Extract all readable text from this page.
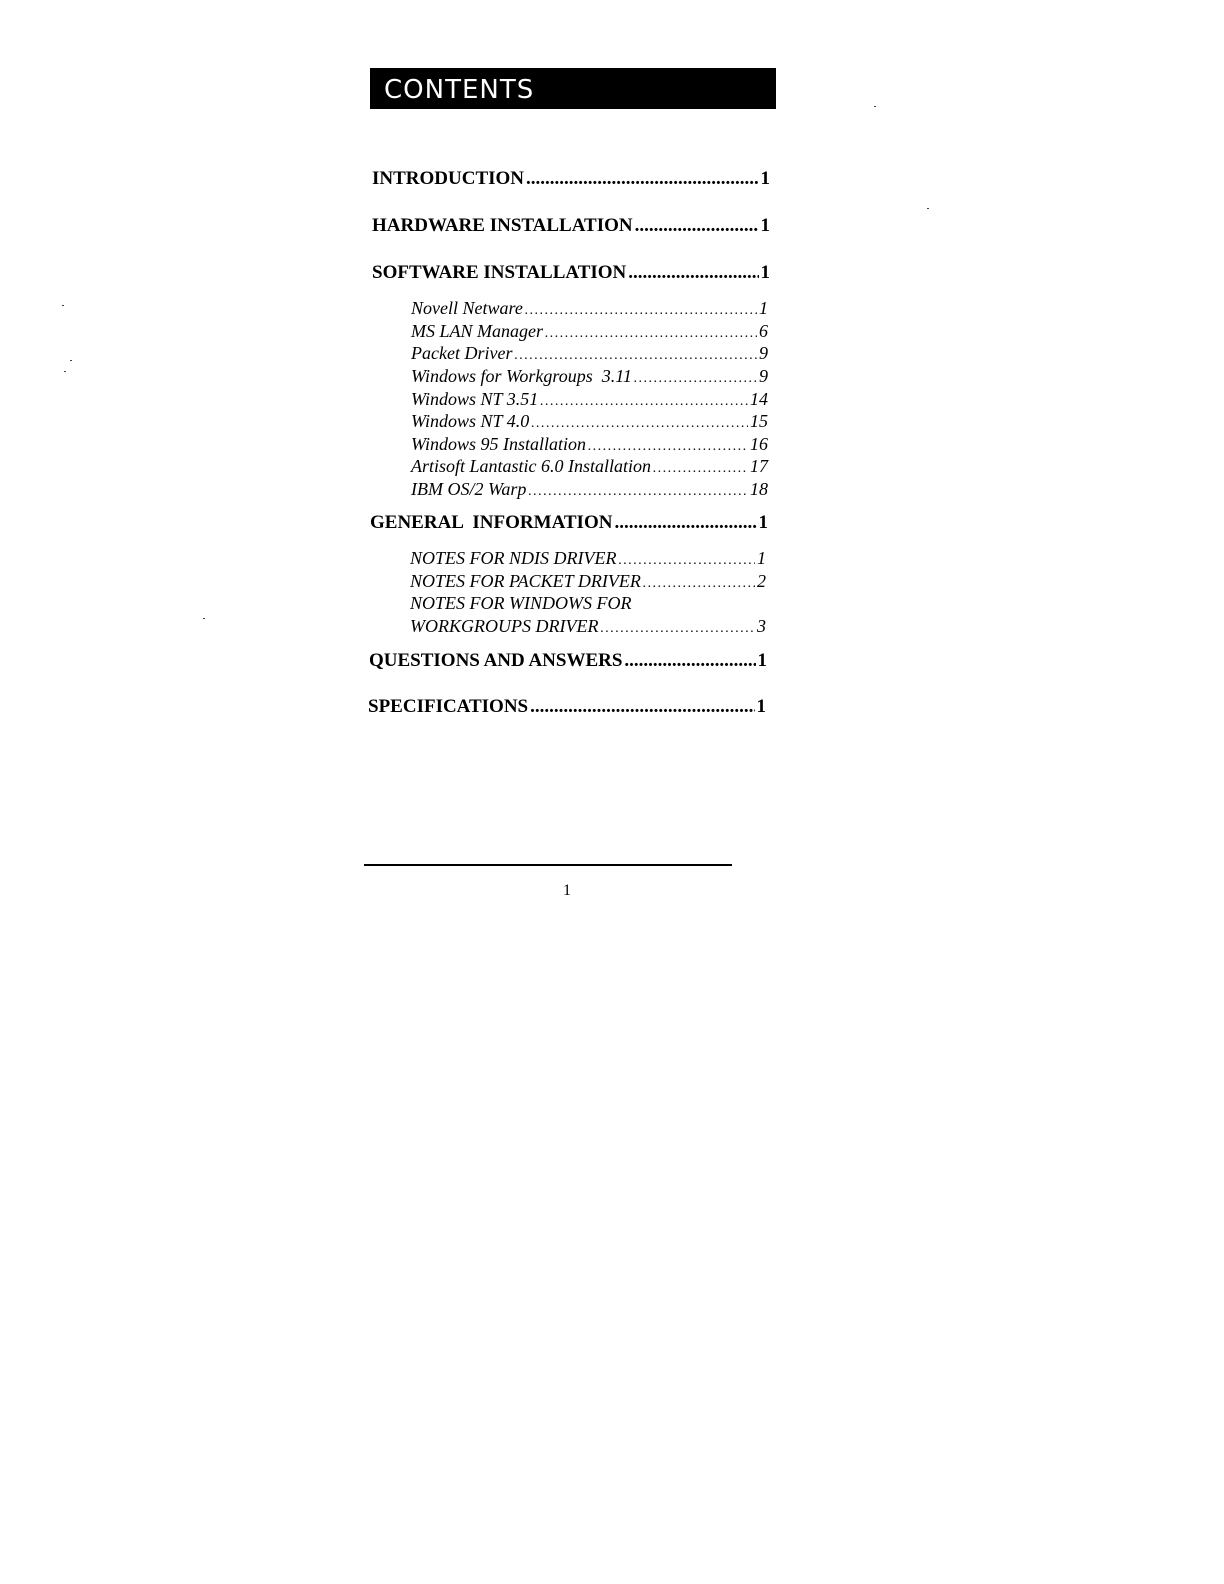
CONTENTS
INTRODUCTION .....	1
HARDWARE INSTALLATION .....	1
SOFTWARE INSTALLATION .....	1
Novell Netware .....	1
MS LAN Manager .....	6
Packet Driver .....	9
Windows for Workgroups  3.11 .....	9
Windows NT 3.51 .....	14
Windows NT 4.0 .....	15
Windows 95 Installation .....	16
Artisoft Lantastic 6.0 Installation .....	17
IBM OS/2 Warp .....	18
GENERAL  INFORMATION .....	1
NOTES FOR NDIS DRIVER .....	1
NOTES FOR PACKET DRIVER .....	2
NOTES FOR WINDOWS FOR
WORKGROUPS DRIVER .....	3
QUESTIONS AND ANSWERS .....	1
SPECIFICATIONS .....	1
1
